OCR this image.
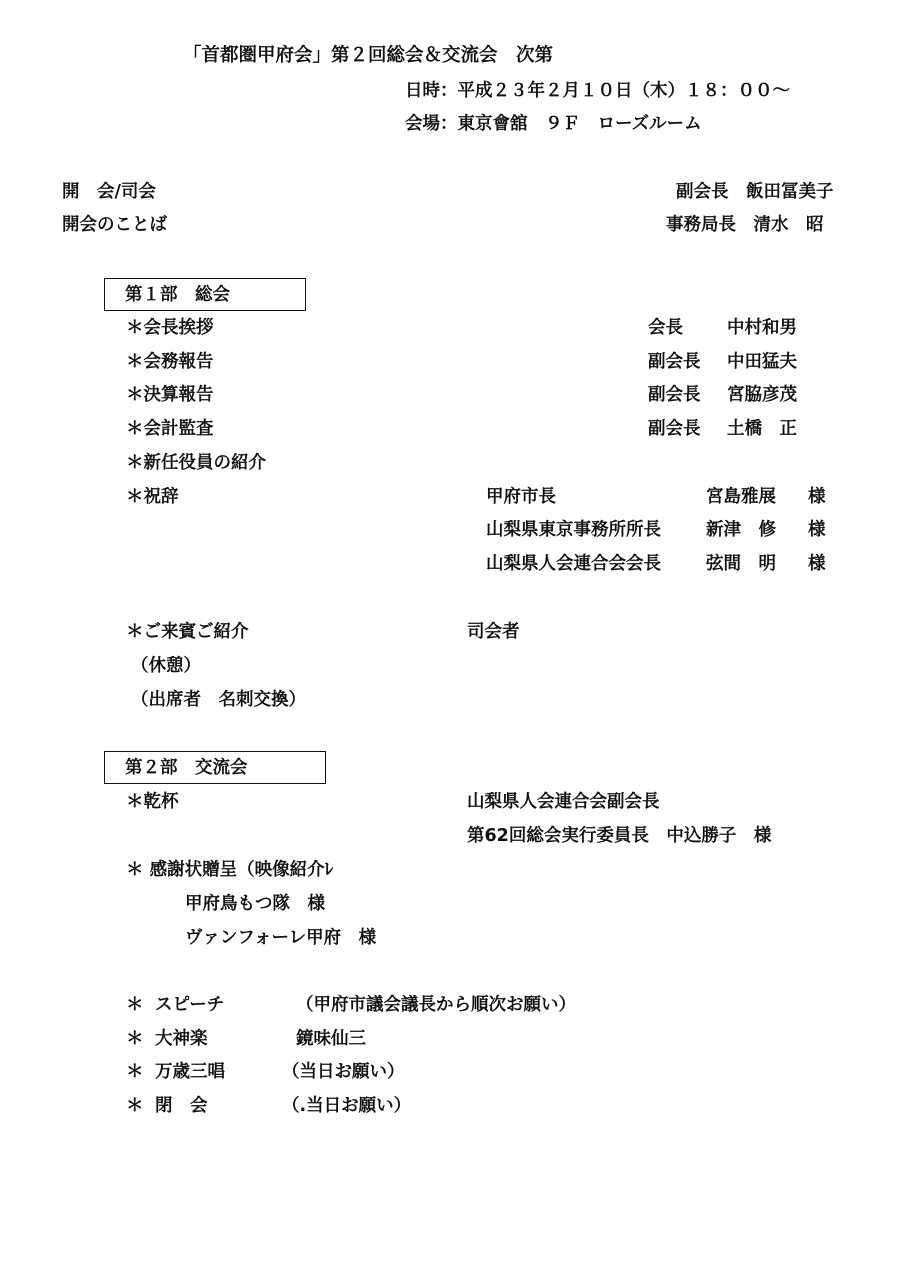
「首都圏甲府会」第２回総会＆交流会　次第
日時：平成２３年２月１０日（木）１８：００～
会場：東京會舘　９Ｆ　ローズルーム
開　会/司会	副会長　飯田冨美子
開会のことば	事務局長　清水　昭
第１部　総会
＊会長挨拶	会長	中村和男
＊会務報告	副会長 中田猛夫
＊決算報告	副会長 宮脇彦茂
＊会計監査	副会長 土橋　正
＊新任役員の紹介
＊祝辞	甲府市長	宮島雅展 様
山梨県東京事務所所長	新津　修 様
山梨県人会連合会会長	弦間　明 様
＊ご来賓ご紹介	司会者
（休憩）
（出席者　名刺交換）
第２部　交流会
＊乾杯	山梨県人会連合会副会長
第62回総会実行委員長　中込勝子　様
＊ 感謝状贈呈（映像紹介ﾚ
甲府鳥もつ隊　様
ヴァンフォーレ甲府　様
＊ スピーチ	（甲府市議会議長から順次お願い）
＊ 大神楽	鏡味仙三
＊ 万歳三唱	（当日お願い）
＊ 閉　会	（.当日お願い）
